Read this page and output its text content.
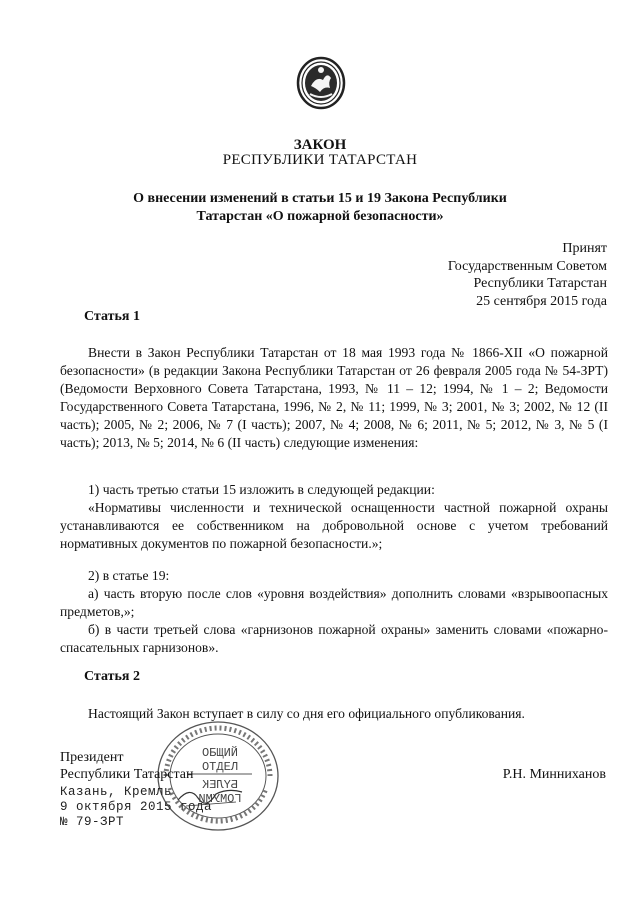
ЗАКОН
РЕСПУБЛИКИ ТАТАРСТАН
О внесении изменений в статьи 15 и 19 Закона Республики
Татарстан «О пожарной безопасности»
Принят
Государственным Советом
Республики Татарстан
25 сентября 2015 года
Статья 1
Внести в Закон Республики Татарстан от 18 мая 1993 года № 1866-XII «О пожарной безопасности» (в редакции Закона Республики Татарстан от 26 февраля 2005 года № 54-ЗРТ) (Ведомости Верховного Совета Татарстана, 1993, № 11 – 12; 1994, № 1 – 2; Ведомости Государственного Совета Татарстана, 1996, № 2, № 11; 1999, № 3; 2001, № 3; 2002, № 12 (II часть); 2005, № 2; 2006, № 7 (I часть); 2007, № 4; 2008, № 6; 2011, № 5; 2012, № 3, № 5 (I часть); 2013, № 5; 2014, № 6 (II часть) следующие изменения:
1) часть третью статьи 15 изложить в следующей редакции:
«Нормативы численности и технической оснащенности частной пожарной охраны устанавливаются ее собственником на добровольной основе с учетом требований нормативных документов по пожарной безопасности.»;
2) в статье 19:
а) часть вторую после слов «уровня воздействия» дополнить словами «взрывоопасных предметов,»;
б) в части третьей слова «гарнизонов пожарной охраны» заменить словами «пожарно-спасательных гарнизонов».
Статья 2
Настоящий Закон вступает в силу со дня его официального опубликования.
ОБЩИЙ
ОТДЕЛ
БҮЛЕК
ГОМУМИ
Президент
Республики Татарстан
Казань, Кремль
9 октября 2015 года
№ 79-ЗРТ
Р.Н. Минниханов
